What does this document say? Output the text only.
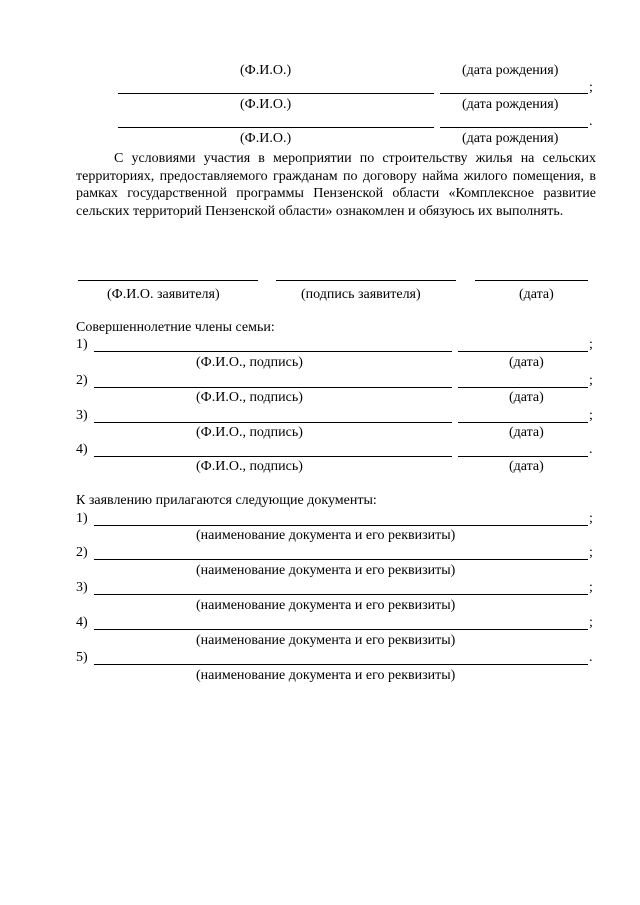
(Ф.И.О.)	(дата рождения)
;
(Ф.И.О.)	(дата рождения)
.
(Ф.И.О.)	(дата рождения)

С условиями участия в мероприятии по строительству жилья на сельских территориях, предоставляемого гражданам по договору найма жилого помещения, в рамках государственной программы Пензенской области «Комплексное развитие сельских территорий Пензенской области» ознакомлен и обязуюсь их выполнять.

(Ф.И.О. заявителя)	(подпись заявителя)	(дата)
Совершеннолетние члены семьи:
1)	;
(Ф.И.О., подпись)	(дата)
2)	;
(Ф.И.О., подпись)	(дата)
3)	;
(Ф.И.О., подпись)	(дата)
4)	.
(Ф.И.О., подпись)	(дата)
К заявлению прилагаются следующие документы:
1)	;
(наименование документа и его реквизиты)
2)	;
(наименование документа и его реквизиты)
3)	;
(наименование документа и его реквизиты)
4)	;
(наименование документа и его реквизиты)
5)	.
(наименование документа и его реквизиты)
